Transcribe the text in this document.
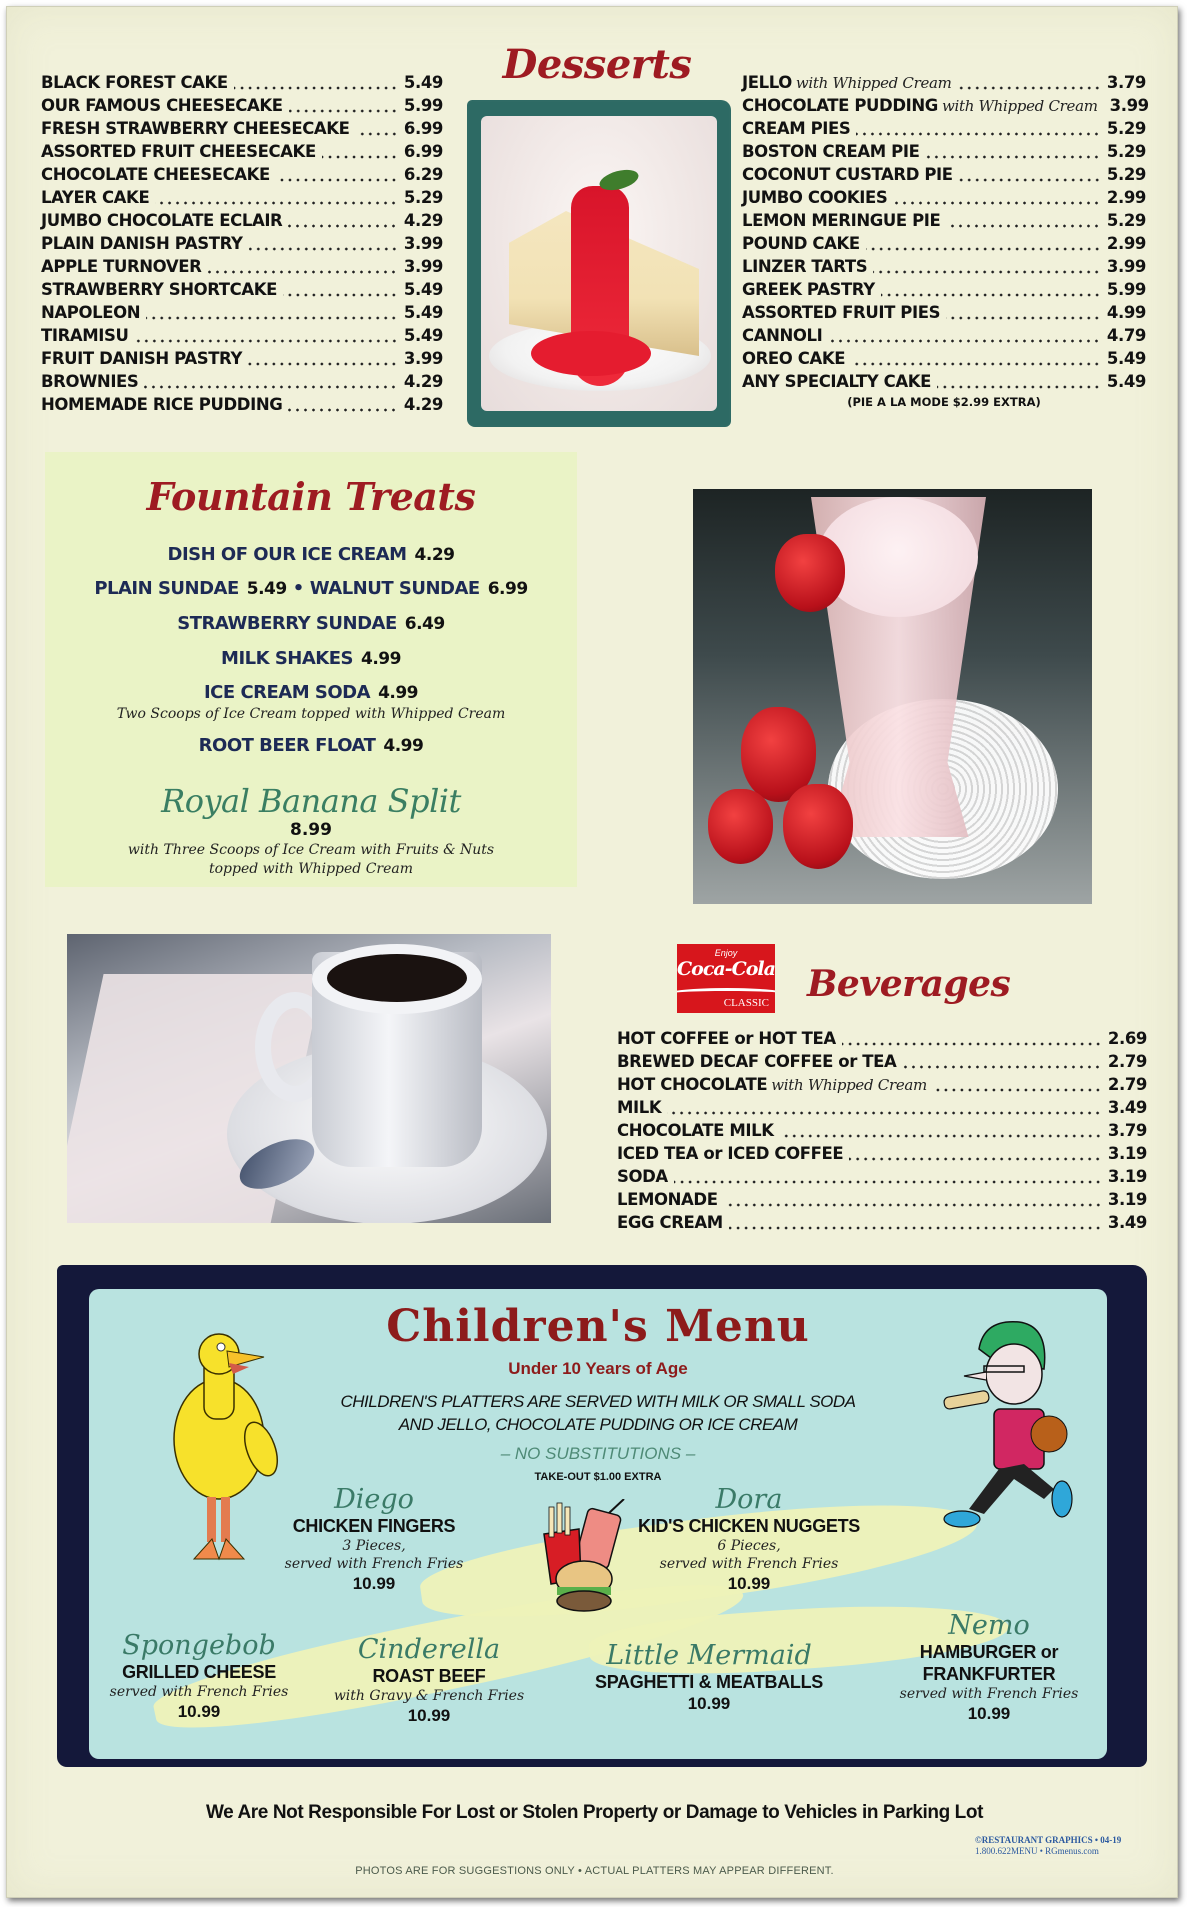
Desserts
BLACK FOREST CAKE	5.49
OUR FAMOUS CHEESECAKE	5.99
FRESH STRAWBERRY CHEESECAKE	6.99
ASSORTED FRUIT CHEESECAKE	6.99
CHOCOLATE CHEESECAKE	6.29
LAYER CAKE	5.29
JUMBO CHOCOLATE ECLAIR	4.29
PLAIN DANISH PASTRY	3.99
APPLE TURNOVER	3.99
STRAWBERRY SHORTCAKE	5.49
NAPOLEON	5.49
TIRAMISU	5.49
FRUIT DANISH PASTRY	3.99
BROWNIES	4.29
HOMEMADE RICE PUDDING	4.29
JELLO with Whipped Cream	3.79
CHOCOLATE PUDDING with Whipped Cream 3.99
CREAM PIES	5.29
BOSTON CREAM PIE	5.29
COCONUT CUSTARD PIE	5.29
JUMBO COOKIES	2.99
LEMON MERINGUE PIE	5.29
POUND CAKE	2.99
LINZER TARTS	3.99
GREEK PASTRY	5.99
ASSORTED FRUIT PIES	4.99
CANNOLI	4.79
OREO CAKE	5.49
ANY SPECIALTY CAKE	5.49
(PIE A LA MODE $2.99 EXTRA)
Fountain Treats
DISH OF OUR ICE CREAM 4.29
PLAIN SUNDAE 5.49 • WALNUT SUNDAE 6.99
STRAWBERRY SUNDAE 6.49
MILK SHAKES 4.99
ICE CREAM SODA 4.99
Two Scoops of Ice Cream topped with Whipped Cream
ROOT BEER FLOAT 4.99
Royal Banana Split
8.99
with Three Scoops of Ice Cream with Fruits & Nuts
topped with Whipped Cream
Enjoy
Coca-Cola
CLASSIC Beverages
HOT COFFEE or HOT TEA	2.69
BREWED DECAF COFFEE or TEA	2.79
HOT CHOCOLATE with Whipped Cream	2.79
MILK	3.49
CHOCOLATE MILK	3.79
ICED TEA or ICED COFFEE	3.19
SODA	3.19
LEMONADE	3.19
EGG CREAM	3.49
Children's Menu
Under 10 Years of Age
CHILDREN'S PLATTERS ARE SERVED WITH MILK OR SMALL SODA
AND JELLO, CHOCOLATE PUDDING OR ICE CREAM
– NO SUBSTITUTIONS –
TAKE-OUT $1.00 EXTRA
Diego
CHICKEN FINGERS
3 Pieces,
served with French Fries
10.99
Dora
KID'S CHICKEN NUGGETS
6 Pieces,
served with French Fries
10.99
Spongebob
GRILLED CHEESE
served with French Fries
10.99
Cinderella
ROAST BEEF
with Gravy & French Fries
10.99
Little Mermaid
SPAGHETTI & MEATBALLS
10.99
Nemo
HAMBURGER or
FRANKFURTER
served with French Fries
10.99
We Are Not Responsible For Lost or Stolen Property or Damage to Vehicles in Parking Lot
©RESTAURANT GRAPHICS • 04-19
1.800.622MENU • RGmenus.com
PHOTOS ARE FOR SUGGESTIONS ONLY • ACTUAL PLATTERS MAY APPEAR DIFFERENT.
